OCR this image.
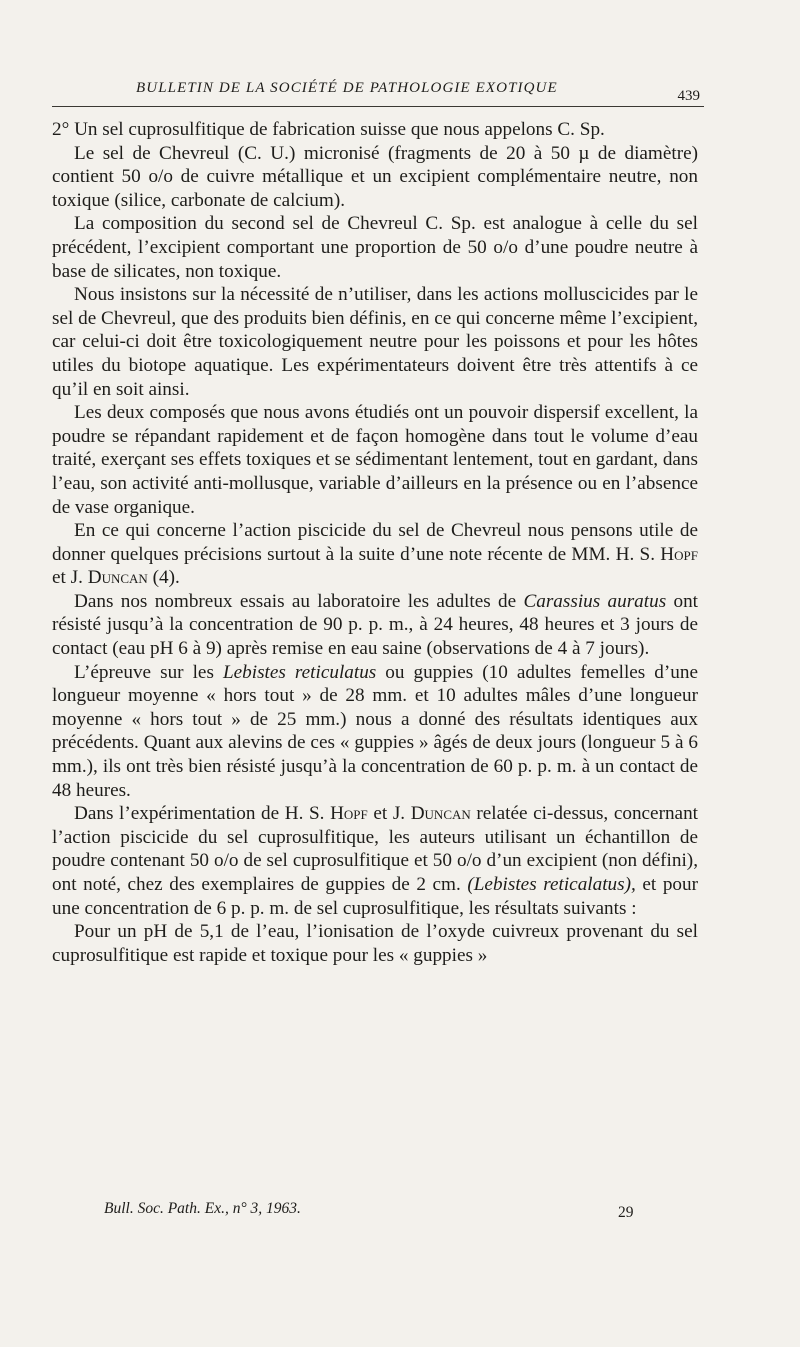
BULLETIN DE LA SOCIÉTÉ DE PATHOLOGIE EXOTIQUE	439

2° Un sel cuprosulfitique de fabrication suisse que nous appelons C. Sp.

Le sel de Chevreul (C. U.) micronisé (fragments de 20 à 50 µ de diamètre) contient 50 o/o de cuivre métallique et un excipient complémentaire neutre, non toxique (silice, carbonate de calcium).

La composition du second sel de Chevreul C. Sp. est analogue à celle du sel précédent, l’excipient comportant une proportion de 50 o/o d’une poudre neutre à base de silicates, non toxique.

Nous insistons sur la nécessité de n’utiliser, dans les actions molluscicides par le sel de Chevreul, que des produits bien définis, en ce qui concerne même l’excipient, car celui-ci doit être toxicologiquement neutre pour les poissons et pour les hôtes utiles du biotope aquatique. Les expérimentateurs doivent être très attentifs à ce qu’il en soit ainsi.

Les deux composés que nous avons étudiés ont un pouvoir dispersif excellent, la poudre se répandant rapidement et de façon homogène dans tout le volume d’eau traité, exerçant ses effets toxiques et se sédimentant lentement, tout en gardant, dans l’eau, son activité anti-mollusque, variable d’ailleurs en la présence ou en l’absence de vase organique.

En ce qui concerne l’action piscicide du sel de Chevreul nous pensons utile de donner quelques précisions surtout à la suite d’une note récente de MM. H. S. Hopf et J. Duncan (4).

Dans nos nombreux essais au laboratoire les adultes de Carassius auratus ont résisté jusqu’à la concentration de 90 p. p. m., à 24 heures, 48 heures et 3 jours de contact (eau pH 6 à 9) après remise en eau saine (observations de 4 à 7 jours).

L’épreuve sur les Lebistes reticulatus ou guppies (10 adultes femelles d’une longueur moyenne « hors tout » de 28 mm. et 10 adultes mâles d’une longueur moyenne « hors tout » de 25 mm.) nous a donné des résultats identiques aux précédents. Quant aux alevins de ces « guppies » âgés de deux jours (longueur 5 à 6 mm.), ils ont très bien résisté jusqu’à la concentration de 60 p. p. m. à un contact de 48 heures.

Dans l’expérimentation de H. S. Hopf et J. Duncan relatée ci-dessus, concernant l’action piscicide du sel cuprosulfitique, les auteurs utilisant un échantillon de poudre contenant 50 o/o de sel cuprosulfitique et 50 o/o d’un excipient (non défini), ont noté, chez des exemplaires de guppies de 2 cm. (Lebistes reticalatus), et pour une concentration de 6 p. p. m. de sel cuprosulfitique, les résultats suivants :

Pour un pH de 5,1 de l’eau, l’ionisation de l’oxyde cuivreux provenant du sel cuprosulfitique est rapide et toxique pour les « guppies »

Bull. Soc. Path. Ex., n° 3, 1963.	29
